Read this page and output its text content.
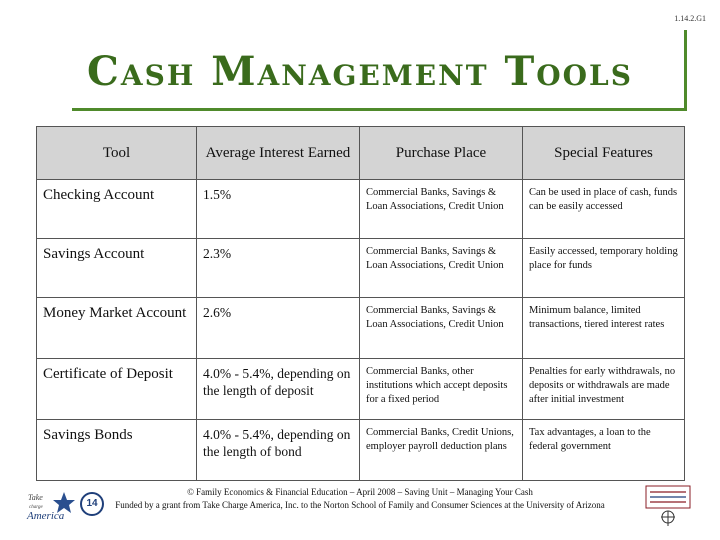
1.14.2.G1
Cash Management Tools
Tool	Average Interest Earned	Purchase Place	Special Features
Checking Account	1.5%	Commercial Banks, Savings & Loan Associations, Credit Union	Can be used in place of cash, funds can be easily accessed
Savings Account	2.3%	Commercial Banks, Savings & Loan Associations, Credit Union	Easily accessed, temporary holding place for funds
Money Market Account	2.6%	Commercial Banks, Savings & Loan Associations, Credit Union	Minimum balance, limited transactions, tiered interest rates
Certificate of Deposit	4.0% - 5.4%, depending on the length of deposit	Commercial Banks, other institutions which accept deposits for a fixed period	Penalties for early withdrawals, no deposits or withdrawals are made after initial investment
Savings Bonds	4.0% - 5.4%, depending on the length of bond	Commercial Banks, Credit Unions, employer payroll deduction plans	Tax advantages, a loan to the federal government
Take
charge
America
14
© Family Economics & Financial Education – April 2008 – Saving Unit – Managing Your Cash
Funded by a grant from Take Charge America, Inc. to the Norton School of Family and Consumer Sciences at the University of Arizona
